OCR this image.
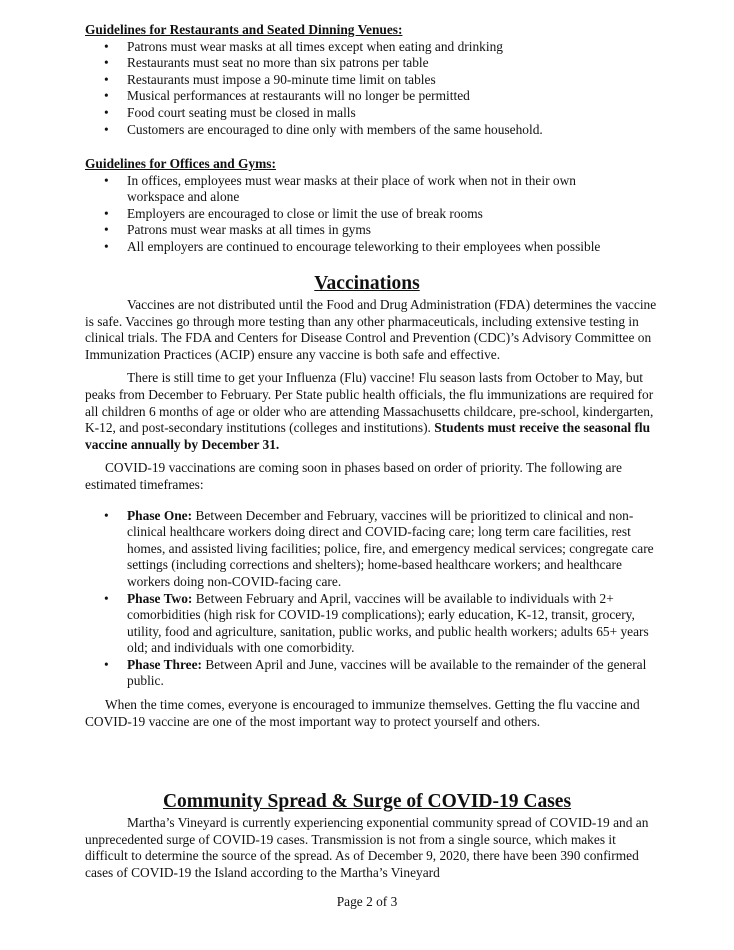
Guidelines for Restaurants and Seated Dinning Venues:
• Patrons must wear masks at all times except when eating and drinking
• Restaurants must seat no more than six patrons per table
• Restaurants must impose a 90-minute time limit on tables
• Musical performances at restaurants will no longer be permitted
• Food court seating must be closed in malls
• Customers are encouraged to dine only with members of the same household.
Guidelines for Offices and Gyms:
• In offices, employees must wear masks at their place of work when not in their own workspace and alone
• Employers are encouraged to close or limit the use of break rooms
• Patrons must wear masks at all times in gyms
• All employers are continued to encourage teleworking to their employees when possible
Vaccinations

Vaccines are not distributed until the Food and Drug Administration (FDA) determines the vaccine is safe. Vaccines go through more testing than any other pharmaceuticals, including extensive testing in clinical trials. The FDA and Centers for Disease Control and Prevention (CDC)’s Advisory Committee on Immunization Practices (ACIP) ensure any vaccine is both safe and effective.

There is still time to get your Influenza (Flu) vaccine! Flu season lasts from October to May, but peaks from December to February. Per State public health officials, the flu immunizations are required for all children 6 months of age or older who are attending Massachusetts childcare, pre-school, kindergarten, K-12, and post-secondary institutions (colleges and institutions). Students must receive the seasonal flu vaccine annually by December 31.

COVID-19 vaccinations are coming soon in phases based on order of priority. The following are estimated timeframes:

• Phase One: Between December and February, vaccines will be prioritized to clinical and non-clinical healthcare workers doing direct and COVID-facing care; long term care facilities, rest homes, and assisted living facilities; police, fire, and emergency medical services; congregate care settings (including corrections and shelters); home-based healthcare workers; and healthcare workers doing non-COVID-facing care.
• Phase Two: Between February and April, vaccines will be available to individuals with 2+ comorbidities (high risk for COVID-19 complications); early education, K-12, transit, grocery, utility, food and agriculture, sanitation, public works, and public health workers; adults 65+ years old; and individuals with one comorbidity.
• Phase Three: Between April and June, vaccines will be available to the remainder of the general public.

When the time comes, everyone is encouraged to immunize themselves. Getting the flu vaccine and COVID-19 vaccine are one of the most important way to protect yourself and others.

Community Spread & Surge of COVID-19 Cases

Martha’s Vineyard is currently experiencing exponential community spread of COVID-19 and an unprecedented surge of COVID-19 cases. Transmission is not from a single source, which makes it difficult to determine the source of the spread. As of December 9, 2020, there have been 390 confirmed cases of COVID-19 the Island according to the Martha’s Vineyard

Page 2 of 3
